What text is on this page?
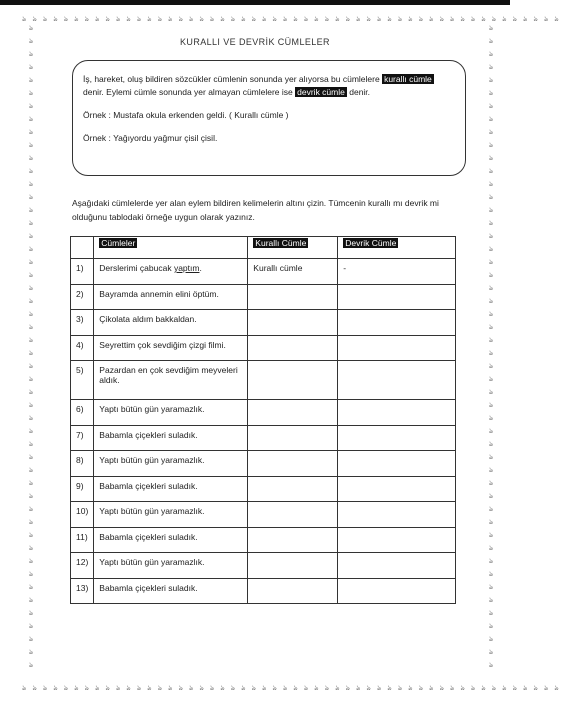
ঌ ঌ ঌ ঌ ঌ ঌ ঌ ঌ ঌ ঌ ঌ ঌ ঌ ঌ ঌ ঌ ঌ ঌ ঌ ঌ ঌ ঌ ঌ ঌ ঌ ঌ ঌ ঌ ঌ ঌ ঌ ঌ ঌ ঌ ঌ ঌ ঌ ঌ ঌ ঌ ঌ ঌ ঌ ঌ ঌ ঌ ঌ ঌ ঌ ঌ ঌ ঌ
ঌ ঌ ঌ ঌ ঌ ঌ ঌ ঌ ঌ ঌ ঌ ঌ ঌ ঌ ঌ ঌ ঌ ঌ ঌ ঌ ঌ ঌ ঌ ঌ ঌ ঌ ঌ ঌ ঌ ঌ ঌ ঌ ঌ ঌ ঌ ঌ ঌ ঌ ঌ ঌ ঌ ঌ ঌ ঌ ঌ ঌ ঌ ঌ ঌ ঌ ঌ ঌ
ঌ
ঌ
ঌ
ঌ
ঌ
ঌ
ঌ
ঌ
ঌ
ঌ
ঌ
ঌ
ঌ
ঌ
ঌ
ঌ
ঌ
ঌ
ঌ
ঌ
ঌ
ঌ
ঌ
ঌ
ঌ
ঌ
ঌ
ঌ
ঌ
ঌ
ঌ
ঌ
ঌ
ঌ
ঌ
ঌ
ঌ
ঌ
ঌ
ঌ
ঌ
ঌ
ঌ
ঌ
ঌ
ঌ
ঌ
ঌ
ঌ
ঌ
ঌ
ঌ
ঌ
ঌ
ঌ
ঌ
ঌ
ঌ
ঌ
ঌ
ঌ
ঌ
ঌ
ঌ
ঌ
ঌ
ঌ
ঌ
ঌ
ঌ
ঌ
ঌ
ঌ
ঌ
ঌ
ঌ
ঌ
ঌ
ঌ
ঌ
ঌ
ঌ
ঌ
ঌ
ঌ
ঌ
ঌ
ঌ
ঌ
ঌ
ঌ
ঌ
ঌ
ঌ
ঌ
ঌ
ঌ
ঌ
ঌ
ঌ
KURALLI VE DEVRİK CÜMLELER

İş, hareket, oluş bildiren sözcükler cümlenin sonunda yer alıyorsa bu cümlelere kurallı cümle denir. Eylemi cümle sonunda yer almayan cümlelere ise devrik cümle denir.

Örnek : Mustafa okula erkenden geldi. ( Kurallı cümle )

Örnek : Yağıyordu yağmur çisil çisil.

Aşağıdaki cümlelerde yer alan eylem bildiren kelimelerin altını çizin. Tümcenin kurallı mı devrik mi olduğunu tablodaki örneğe uygun olarak yazınız.
	Cümleler	Kurallı Cümle	Devrik Cümle
1)	Derslerimi çabucak yaptım.	Kurallı cümle	-
2)	Bayramda annemin elini öptüm.		
3)	Çikolata aldım bakkaldan.		
4)	Seyrettim çok sevdiğim çizgi filmi.		
5)	Pazardan en çok sevdiğim meyveleri aldık.		
6)	Yaptı bütün gün yaramazlık.		
7)	Babamla çiçekleri suladık.		
8)	Yaptı bütün gün yaramazlık.		
9)	Babamla çiçekleri suladık.		
10)	Yaptı bütün gün yaramazlık.		
11)	Babamla çiçekleri suladık.		
12)	Yaptı bütün gün yaramazlık.		
13)	Babamla çiçekleri suladık.		
